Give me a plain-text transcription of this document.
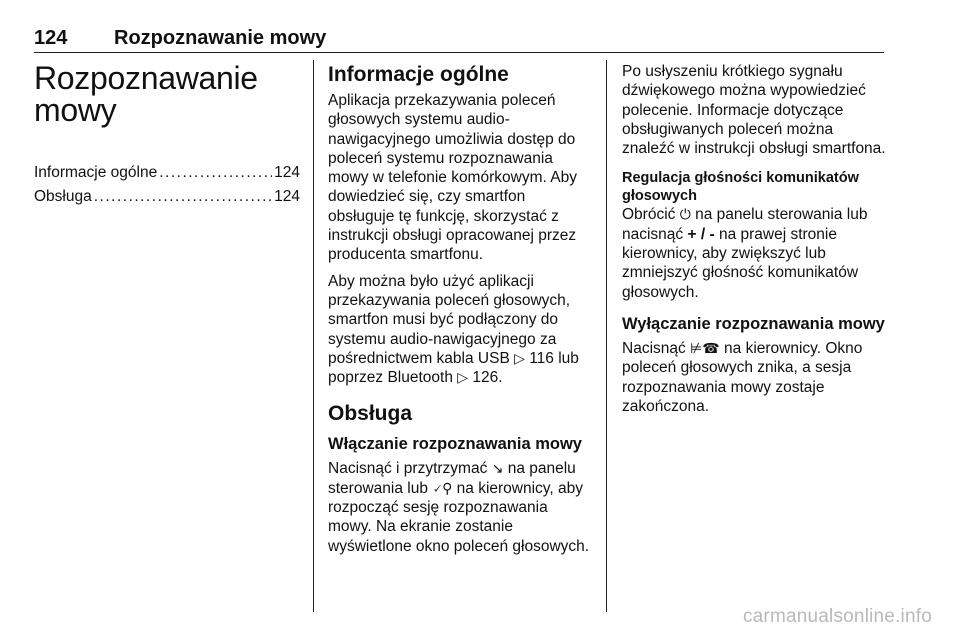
124 Rozpoznawanie mowy
Rozpoznawanie mowy
Informacje ogólne .....	124
Obsługa .....	124
Informacje ogólne

Aplikacja przekazywania poleceń głosowych systemu audio-nawigacyjnego umożliwia dostęp do poleceń systemu rozpoznawania mowy w telefonie komórkowym. Aby dowiedzieć się, czy smartfon obsługuje tę funkcję, skorzystać z instrukcji obsługi opracowanej przez producenta smartfonu.

Aby można było użyć aplikacji przekazywania poleceń głosowych, smartfon musi być podłączony do systemu audio-nawigacyjnego za pośrednictwem kabla USB ▷ 116 lub poprzez Bluetooth ▷ 126.

Obsługa
Włączanie rozpoznawania mowy

Nacisnąć i przytrzymać ↘ na panelu sterowania lub 🗸⚲ na kierownicy, aby rozpocząć sesję rozpoznawania mowy. Na ekranie zostanie wyświetlone okno poleceń głosowych.

Po usłyszeniu krótkiego sygnału dźwiękowego można wypowiedzieć polecenie. Informacje dotyczące obsługiwanych poleceń można znaleźć w instrukcji obsługi smartfona.

Regulacja głośności komunikatów głosowych

Obrócić ⏻ na panelu sterowania lub nacisnąć + / - na prawej stronie kierownicy, aby zwiększyć lub zmniejszyć głośność komunikatów głosowych.

Wyłączanie rozpoznawania mowy

Nacisnąć ⊭☎ na kierownicy. Okno poleceń głosowych znika, a sesja rozpoznawania mowy zostaje zakończona.

carmanualsonline.info
